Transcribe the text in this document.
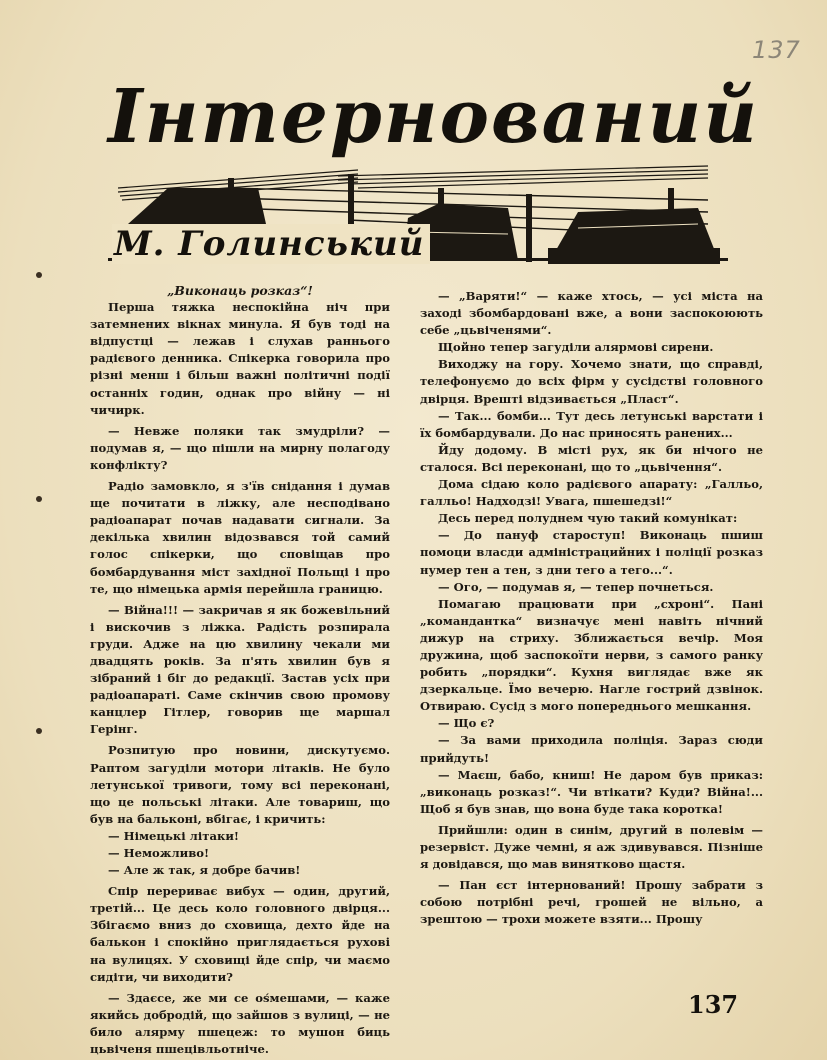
137
Інтернований
М. Голинський

„Виконаць розказ“!

Перша тяжка неспокійна ніч при затемнених вікнах минула. Я був тоді на відпустці — лежав і слухав раннього радієвого денника. Спікерка говорила про різні менш і більш важні політичні події останніх годин, однак про війну — ні чичирк.

— Невже поляки так змудріли? — подумав я, — що пішли на мирну полагоду конфлікту?

Радіо замовкло, я з'їв снідання і думав ще почитати в ліжку, але несподівано радіоапарат почав надавати сигнали. За декілька хвилин відозвався той самий голос спікерки, що сповіщав про бомбардування міст західної Польщі і про те, що німецька армія перейшла границю.

— Війна!!! — закричав я як божевільний і вискочив з ліжка. Радість розпирала груди. Адже на цю хвилину чекали ми двадцять років. За п'ять хвилин був я зібраний і біг до редакції. Застав усіх при радіоапараті. Саме скінчив свою промову канцлер Гітлер, говорив ще маршал Герінг.

Розпитую про новини, дискутуємо. Раптом загуділи мотори літаків. Не було летунської тривоги, тому всі переконані, що це польські літаки. Але товариш, що був на бальконі, вбігає, і кричить:

— Німецькі літаки!

— Неможливо!

— Але ж так, я добре бачив!

Спір перериває вибух — один, другий, третій... Це десь коло головного двірця... Збігаємо вниз до сховища, дехто йде на балькон і спокійно приглядається руховi на вулицях. У сховищі йде спір, чи маємо сидіти, чи виходити?

— Здаєсе, же ми се ośмешами, — каже якийсь добродій, що зайшов з вулиці, — не било алярму пшецеж: то мушон биць цьвіченя пшецівльотніче.

— „Варяти!“ — каже хтось, — усі міста на заході збомбардовані вже, а вони заспокоюють себе „цьвіченями“.

Щойно тепер загуділи алярмові сирени.

Виходжу на гору. Хочемо знати, що справді, телефонуємо до всіх фірм у сусідстві головного двірця. Врешті відзивається „Пласт“.

— Так... бомби... Тут десь летунські варстати і їх бомбардували. До нас приносять ранених...

Йду додому. В місті рух, як би нічого не сталося. Всі переконані, що то „цьвічення“.

Дома сідаю коло радієвого апарату: „Галльо, галльо! Надходзі! Увага, пшешедзі!“

Десь перед полуднем чую такий комунікат:

— До пануф староступ! Виконаць пшиш помоци власди адміністрацийних і поліції розказ нумер тен а тен, з дни тего а тего...“.

— Ого, — подумав я, — тепер почнеться.

Помагаю працювати при „схроні“. Пані „командантка“ визначує мені навіть нічний дижур на стриху. Зближається вечір. Моя дружина, щоб заспокоїти нерви, з самого ранку робить „порядки“. Кухня виглядає вже як дзеркальце. Їмо вечерю. Нагле гострий дзвінок. Отвираю. Сусід з мого попереднього мешкання.

— Що є?

— За вами приходила поліція. Зараз сюди прийдуть!

— Маєш, бабо, книш! Не даром був приказ: „виконаць розказ!“. Чи втікати? Куди? Війна!... Щоб я був знав, що вона буде така коротка!

Прийшли: один в синім, другий в полевім — резервіст. Дуже чемні, я аж здивувався. Пізніше я довідався, що мав винятково щастя.

— Пан єст інтернований! Прошу забрати з собою потрібні речі, грошей не вільно, а зрештою — трохи можете взяти... Прошу

137
